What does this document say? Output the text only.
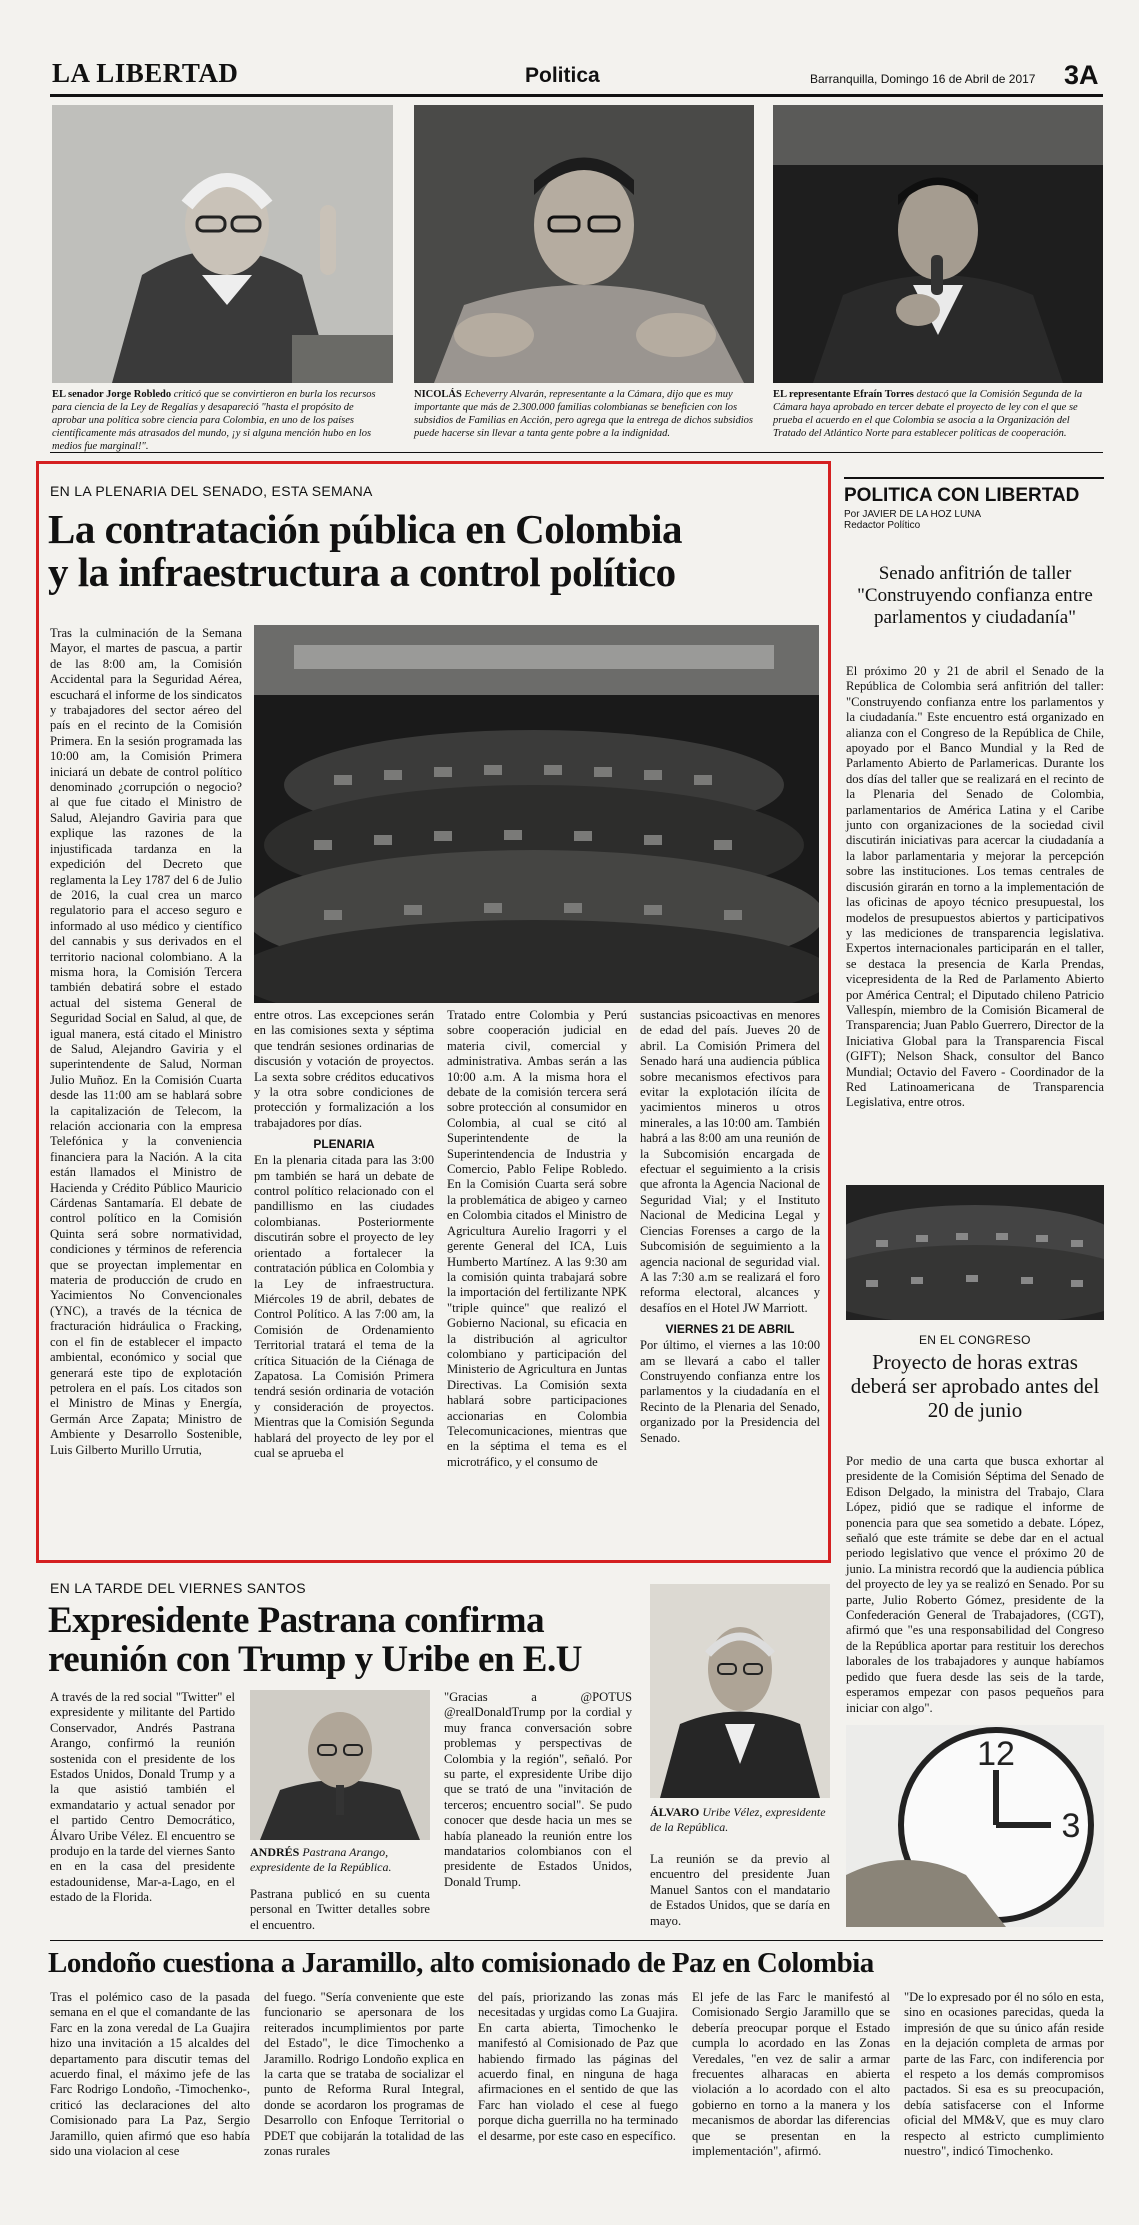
LA LIBERTAD	Politica	Barranquilla, Domingo 16 de Abril de 2017 3A
EL senador Jorge Robledo criticó que se convirtieron en burla los recursos para ciencia de la Ley de Regalías y desapareció "hasta el propósito de aprobar una política sobre ciencia para Colombia, en uno de los países científicamente más atrasados del mundo, ¡y si alguna mención hubo en los medios fue marginal!".
NICOLÁS Echeverry Alvarán, representante a la Cámara, dijo que es muy importante que más de 2.300.000 familias colombianas se beneficien con los subsidios de Familias en Acción, pero agrega que la entrega de dichos subsidios puede hacerse sin llevar a tanta gente pobre a la indignidad.
EL representante Efraín Torres destacó que la Comisión Segunda de la Cámara haya aprobado en tercer debate el proyecto de ley con el que se prueba el acuerdo en el que Colombia se asocia a la Organización del Tratado del Atlántico Norte para establecer políticas de cooperación.
EN LA PLENARIA DEL SENADO, ESTA SEMANA
La contratación pública en Colombia
y la infraestructura a control político
Tras la culminación de la Semana Mayor, el martes de pascua, a partir de las 8:00 am, la Comisión Accidental para la Seguridad Aérea, escuchará el informe de los sindicatos y trabajadores del sector aéreo del país en el recinto de la Comisión Primera. En la sesión programada las 10:00 am, la Comisión Primera iniciará un debate de control político denominado ¿corrupción o negocio? al que fue citado el Ministro de Salud, Alejandro Gaviria para que explique las razones de la injustificada tardanza en la expedición del Decreto que reglamenta la Ley 1787 del 6 de Julio de 2016, la cual crea un marco regulatorio para el acceso seguro e informado al uso médico y científico del cannabis y sus derivados en el territorio nacional colombiano. A la misma hora, la Comisión Tercera también debatirá sobre el estado actual del sistema General de Seguridad Social en Salud, al que, de igual manera, está citado el Ministro de Salud, Alejandro Gaviria y el superintendente de Salud, Norman Julio Muñoz. En la Comisión Cuarta desde las 11:00 am se hablará sobre la capitalización de Telecom, la relación accionaria con la empresa Telefónica y la conveniencia financiera para la Nación. A la cita están llamados el Ministro de Hacienda y Crédito Público Mauricio Cárdenas Santamaría. El debate de control político en la Comisión Quinta será sobre normatividad, condiciones y términos de referencia que se proyectan implementar en materia de producción de crudo en Yacimientos No Convencionales (YNC), a través de la técnica de fracturación hidráulica o Fracking, con el fin de establecer el impacto ambiental, económico y social que generará este tipo de explotación petrolera en el país. Los citados son el Ministro de Minas y Energía, Germán Arce Zapata; Ministro de Ambiente y Desarrollo Sostenible, Luis Gilberto Murillo Urrutia,

entre otros. Las excepciones serán en las comisiones sexta y séptima que tendrán sesiones ordinarias de discusión y votación de proyectos. La sexta sobre créditos educativos y la otra sobre condiciones de protección y formalización a los trabajadores por días.

PLENARIA

En la plenaria citada para las 3:00 pm también se hará un debate de control político relacionado con el pandillismo en las ciudades colombianas. Posteriormente discutirán sobre el proyecto de ley orientado a fortalecer la contratación pública en Colombia y la Ley de infraestructura. Miércoles 19 de abril, debates de Control Político. A las 7:00 am, la Comisión de Ordenamiento Territorial tratará el tema de la crítica Situación de la Ciénaga de Zapatosa. La Comisión Primera tendrá sesión ordinaria de votación y consideración de proyectos. Mientras que la Comisión Segunda hablará del proyecto de ley por el cual se aprueba el

Tratado entre Colombia y Perú sobre cooperación judicial en materia civil, comercial y administrativa. Ambas serán a las 10:00 a.m. A la misma hora el debate de la comisión tercera será sobre protección al consumidor en Colombia, al cual se citó al Superintendente de la Superintendencia de Industria y Comercio, Pablo Felipe Robledo. En la Comisión Cuarta será sobre la problemática de abigeo y carneo en Colombia citados el Ministro de Agricultura Aurelio Iragorri y el gerente General del ICA, Luis Humberto Martínez. A las 9:30 am la comisión quinta trabajará sobre la importación del fertilizante NPK "triple quince" que realizó el Gobierno Nacional, su eficacia en la distribución al agricultor colombiano y participación del Ministerio de Agricultura en Juntas Directivas. La Comisión sexta hablará sobre participaciones accionarias en Colombia Telecomunicaciones, mientras que en la séptima el tema es el microtráfico, y el consumo de

sustancias psicoactivas en menores de edad del país. Jueves 20 de abril. La Comisión Primera del Senado hará una audiencia pública sobre mecanismos efectivos para evitar la explotación ilícita de yacimientos mineros u otros minerales, a las 10:00 am. También habrá a las 8:00 am una reunión de la Subcomisión encargada de efectuar el seguimiento a la crisis que afronta la Agencia Nacional de Seguridad Vial; y el Instituto Nacional de Medicina Legal y Ciencias Forenses a cargo de la Subcomisión de seguimiento a la agencia nacional de seguridad vial. A las 7:30 a.m se realizará el foro reforma electoral, alcances y desafíos en el Hotel JW Marriott.

VIERNES 21 DE ABRIL

Por último, el viernes a las 10:00 am se llevará a cabo el taller Construyendo confianza entre los parlamentos y la ciudadanía en el Recinto de la Plenaria del Senado, organizado por la Presidencia del Senado.

POLITICA CON LIBERTAD
Por JAVIER DE LA HOZ LUNA
Redactor Político
Senado anfitrión de taller "Construyendo confianza entre parlamentos y ciudadanía"
El próximo 20 y 21 de abril el Senado de la República de Colombia será anfitrión del taller: "Construyendo confianza entre los parlamentos y la ciudadanía." Este encuentro está organizado en alianza con el Congreso de la República de Chile, apoyado por el Banco Mundial y la Red de Parlamento Abierto de Parlamericas. Durante los dos días del taller que se realizará en el recinto de la Plenaria del Senado de Colombia, parlamentarios de América Latina y el Caribe junto con organizaciones de la sociedad civil discutirán iniciativas para acercar la ciudadanía a la labor parlamentaria y mejorar la percepción sobre las instituciones. Los temas centrales de discusión girarán en torno a la implementación de las oficinas de apoyo técnico presupuestal, los modelos de presupuestos abiertos y participativos y las mediciones de transparencia legislativa. Expertos internacionales participarán en el taller, se destaca la presencia de Karla Prendas, vicepresidenta de la Red de Parlamento Abierto por América Central; el Diputado chileno Patricio Vallespín, miembro de la Comisión Bicameral de Transparencia; Juan Pablo Guerrero, Director de la Iniciativa Global para la Transparencia Fiscal (GIFT); Nelson Shack, consultor del Banco Mundial; Octavio del Favero - Coordinador de la Red Latinoamericana de Transparencia Legislativa, entre otros.
EN EL CONGRESO
Proyecto de horas extras deberá ser aprobado antes del 20 de junio
Por medio de una carta que busca exhortar al presidente de la Comisión Séptima del Senado de Edison Delgado, la ministra del Trabajo, Clara López, pidió que se radique el informe de ponencia para que sea sometido a debate. López, señaló que este trámite se debe dar en el actual periodo legislativo que vence el próximo 20 de junio. La ministra recordó que la audiencia pública del proyecto de ley ya se realizó en Senado. Por su parte, Julio Roberto Gómez, presidente de la Confederación General de Trabajadores, (CGT), afirmó que "es una responsabilidad del Congreso de la República aportar para restituir los derechos laborales de los trabajadores y aunque habíamos pedido que fuera desde las seis de la tarde, esperamos empezar con pasos pequeños para iniciar con algo".
12
3
EN LA TARDE DEL VIERNES SANTOS
Expresidente Pastrana confirma
reunión con Trump y Uribe en E.U
A través de la red social "Twitter" el expresidente y militante del Partido Conservador, Andrés Pastrana Arango, confirmó la reunión sostenida con el presidente de los Estados Unidos, Donald Trump y a la que asistió también el exmandatario y actual senador por el partido Centro Democrático, Álvaro Uribe Vélez. El encuentro se produjo en la tarde del viernes Santo en en la casa del presidente estadounidense, Mar-a-Lago, en el estado de la Florida.
ANDRÉS Pastrana Arango, expresidente de la República.
Pastrana publicó en su cuenta personal en Twitter detalles sobre el encuentro.
"Gracias a @POTUS @realDonaldTrump por la cordial y muy franca conversación sobre problemas y perspectivas de Colombia y la región", señaló. Por su parte, el expresidente Uribe dijo que se trató de una "invitación de terceros; encuentro social". Se pudo conocer que desde hacia un mes se había planeado la reunión entre los mandatarios colombianos con el presidente de Estados Unidos, Donald Trump.
ÁLVARO Uribe Vélez, expresidente de la República.
La reunión se da previo al encuentro del presidente Juan Manuel Santos con el mandatario de Estados Unidos, que se daría en mayo.
Londoño cuestiona a Jaramillo, alto comisionado de Paz en Colombia
Tras el polémico caso de la pasada semana en el que el comandante de las Farc en la zona veredal de La Guajira hizo una invitación a 15 alcaldes del departamento para discutir temas del acuerdo final, el máximo jefe de las Farc Rodrigo Londoño, -Timochenko-, criticó las declaraciones del alto Comisionado para La Paz, Sergio Jaramillo, quien afirmó que eso había sido una violacion al cese
del fuego. "Sería conveniente que este funcionario se apersonara de los reiterados incumplimientos por parte del Estado", le dice Timochenko a Jaramillo. Rodrigo Londoño explica en la carta que se trataba de socializar el punto de Reforma Rural Integral, donde se acordaron los programas de Desarrollo con Enfoque Territorial o PDET que cobijarán la totalidad de las zonas rurales
del país, priorizando las zonas más necesitadas y urgidas como La Guajira. En carta abierta, Timochenko le manifestó al Comisionado de Paz que habiendo firmado las páginas del acuerdo final, en ninguna de haga afirmaciones en el sentido de que las Farc han violado el cese al fuego porque dicha guerrilla no ha terminado el desarme, por este caso en específico.
El jefe de las Farc le manifestó al Comisionado Sergio Jaramillo que se debería preocupar porque el Estado cumpla lo acordado en las Zonas Veredales, "en vez de salir a armar frecuentes alharacas en abierta violación a lo acordado con el alto gobierno en torno a la manera y los mecanismos de abordar las diferencias que se presentan en la implementación", afirmó.
"De lo expresado por él no sólo en esta, sino en ocasiones parecidas, queda la impresión de que su único afán reside en la dejación completa de armas por parte de las Farc, con indiferencia por el respeto a los demás compromisos pactados. Si esa es su preocupación, debía satisfacerse con el Informe oficial del MM&V, que es muy claro respecto al estricto cumplimiento nuestro", indicó Timochenko.
